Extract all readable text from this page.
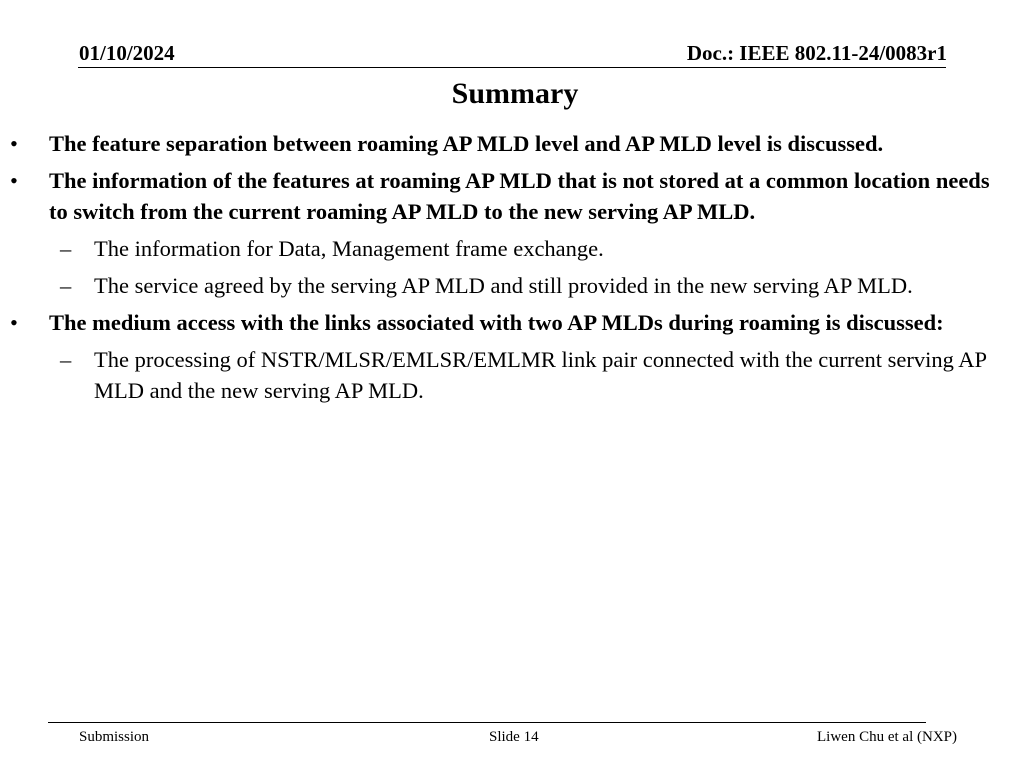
01/10/2024	Doc.: IEEE 802.11-24/0083r1
Summary
• The feature separation between roaming AP MLD level and AP MLD level is discussed.
• The information of the features at roaming AP MLD that is not stored at a common location needs to switch from the current roaming AP MLD to the new serving AP MLD.
– The information for Data, Management frame exchange.
– The service agreed by the serving AP MLD and still provided in the new serving AP MLD.
• The medium access with the links associated with two AP MLDs during roaming is discussed:
– The processing of NSTR/MLSR/EMLSR/EMLMR link pair connected with the current serving AP MLD and the new serving AP MLD.
Submission	Slide 14	Liwen Chu et al (NXP)
